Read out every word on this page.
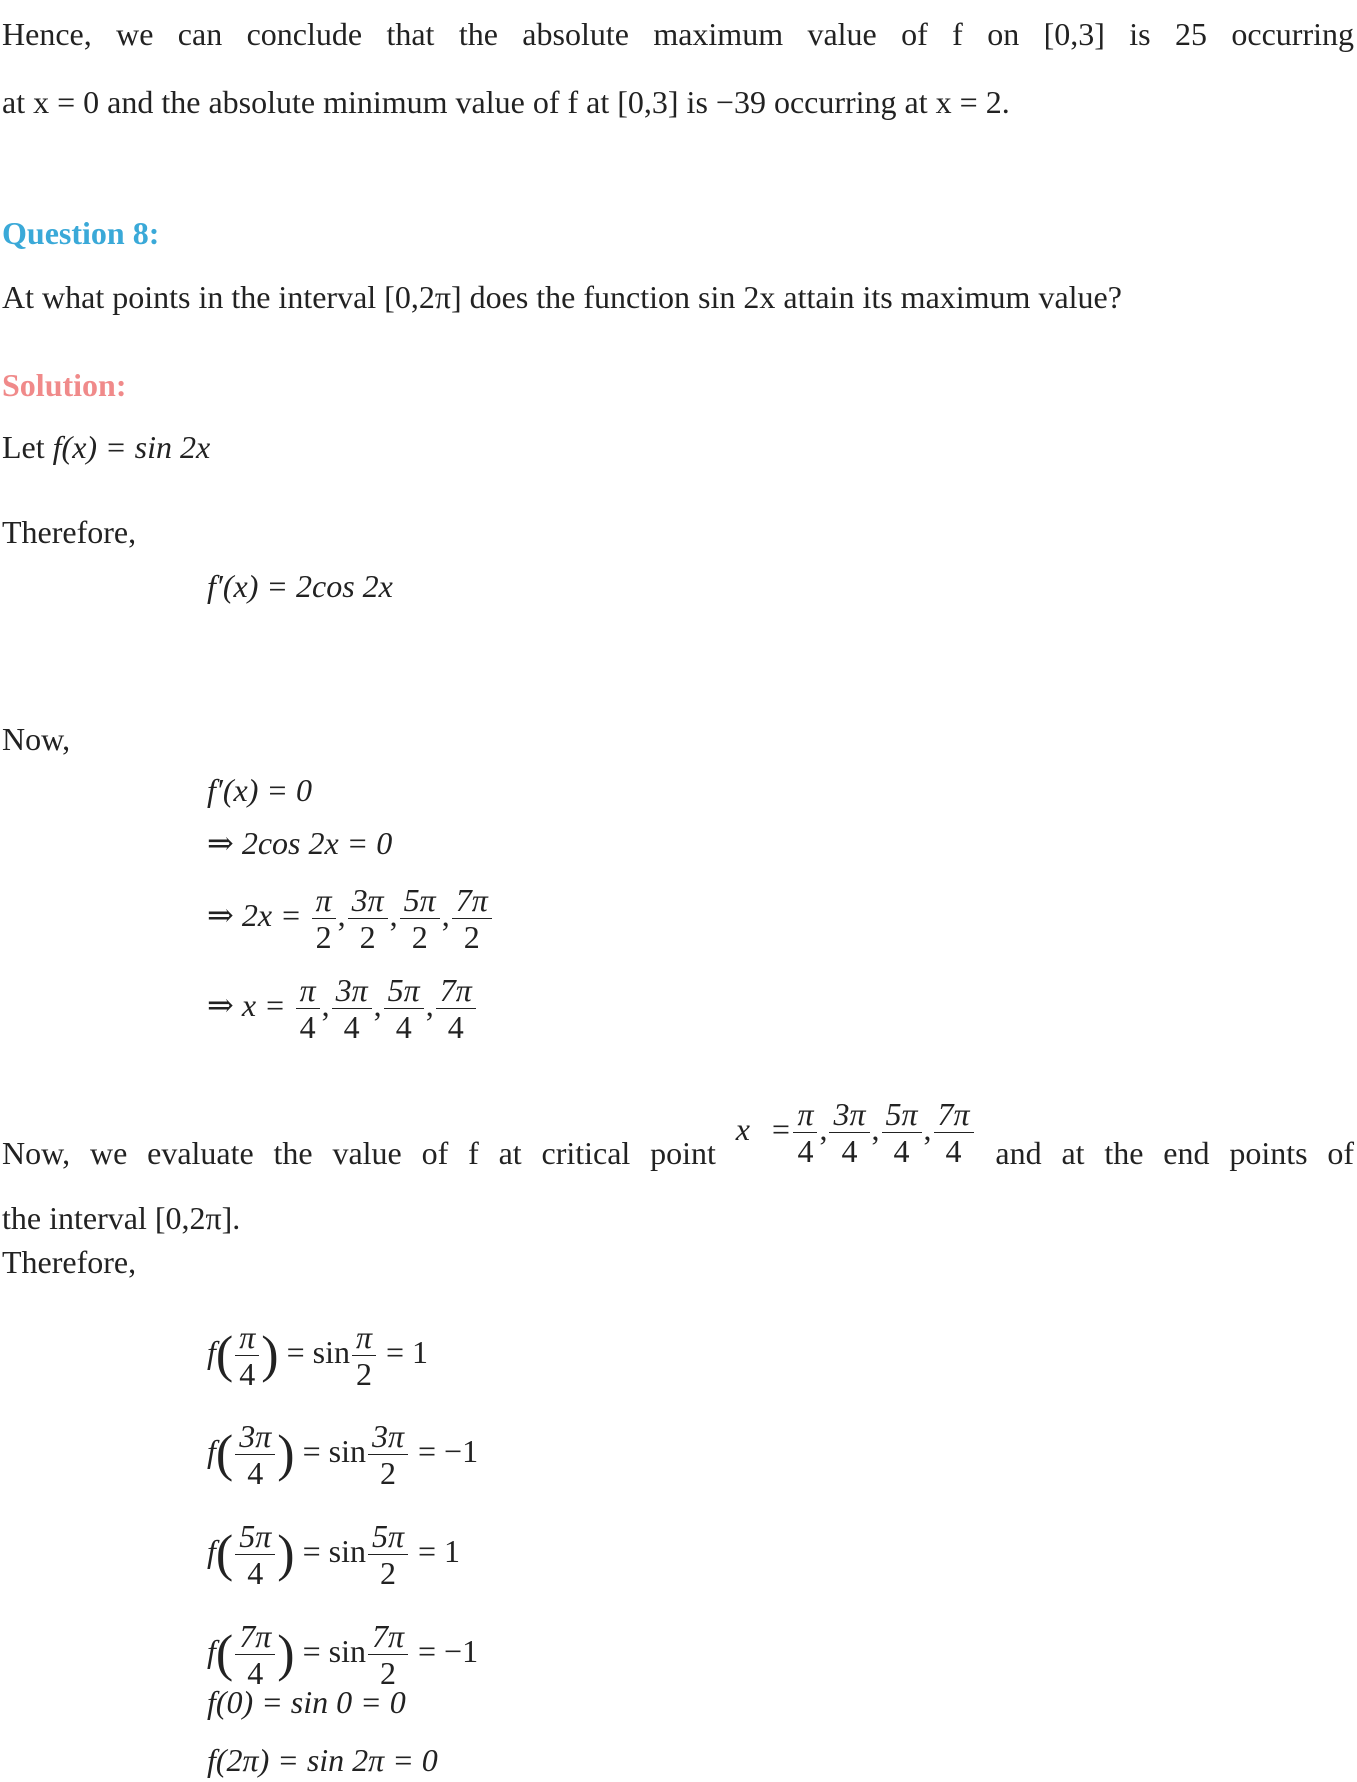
Hence, we can conclude that the absolute maximum value of f on [0,3] is 25 occurring
at x = 0 and the absolute minimum value of f at [0,3] is −39 occurring at x = 2.
Question 8:
At what points in the interval [0,2π] does the function sin 2x attain its maximum value?
Solution:
Let f(x) = sin 2x
Therefore,
f′(x) = 2cos 2x
Now,
f′(x) = 0
⇒ 2cos 2x = 0
⇒ $2x = \frac{\pi}{2}$ , $\frac{3\pi}{2}$ , $\frac{5\pi}{2}$ , $\frac{7\pi}{2}$
⇒ $x = \frac{\pi}{4}$ , $\frac{3\pi}{4}$ , $\frac{5\pi}{4}$ , $\frac{7\pi}{4}$
Now, we evaluate the value of f at critical point $x = \frac{\pi}{4}$ , $\frac{3\pi}{4}$ , $\frac{5\pi}{4}$ , $\frac{7\pi}{4}$ and at the end points of
the interval [0,2π].
Therefore,
$f( \frac{\pi}{4}$ ) = $\sin \frac{\pi}{2} = 1$
$f( \frac{3\pi}{4}$ ) = $\sin \frac{3\pi}{2} = -1$
$f( \frac{5\pi}{4}$ ) = $\sin \frac{5\pi}{2} = 1$
$f( \frac{7\pi}{4}$ ) = $\sin \frac{7\pi}{2} = -1$
f(0) = sin 0 = 0
f(2π) = sin 2π = 0
